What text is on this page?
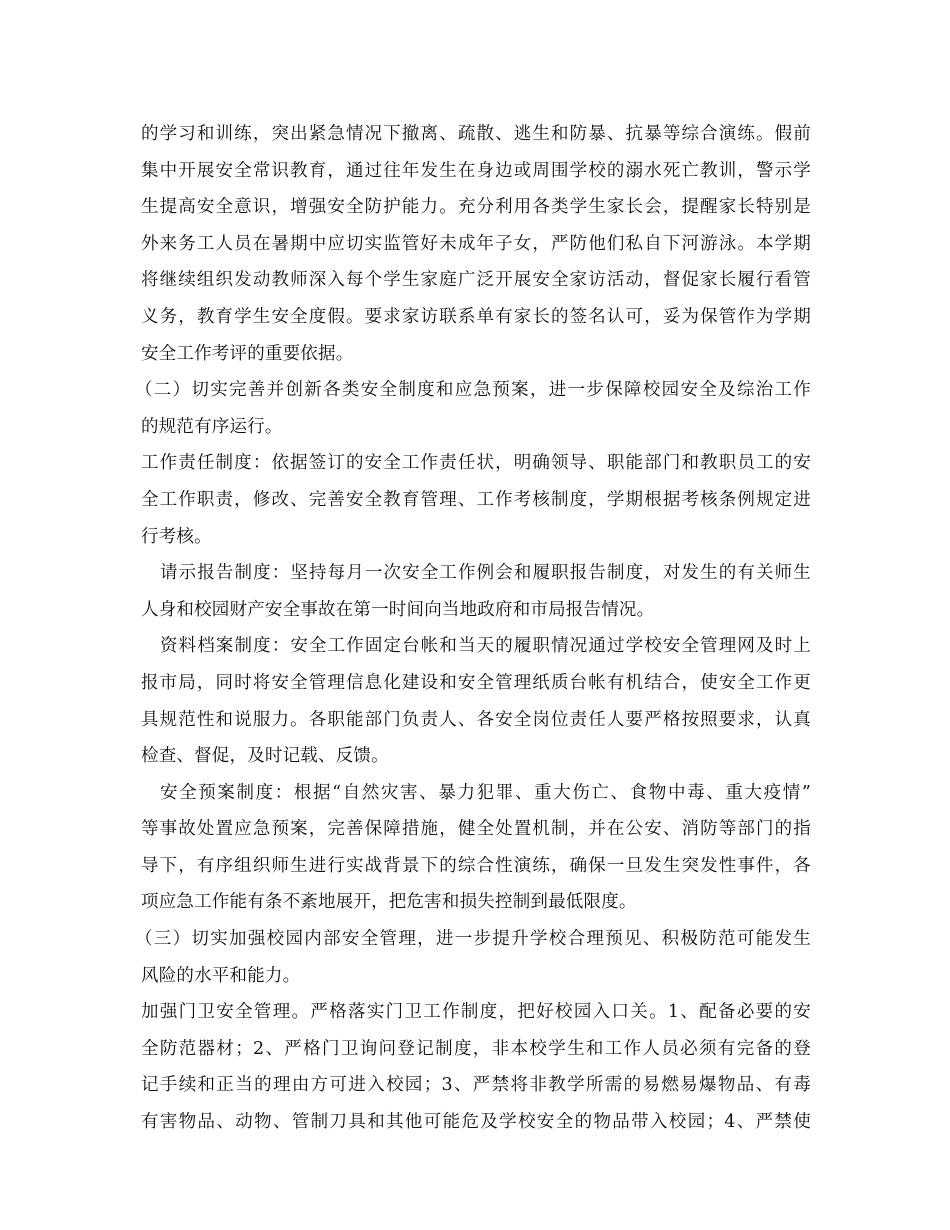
的学习和训练，突出紧急情况下撤离、疏散、逃生和防暴、抗暴等综合演练。假前
集中开展安全常识教育，通过往年发生在身边或周围学校的溺水死亡教训，警示学
生提高安全意识，增强安全防护能力。充分利用各类学生家长会，提醒家长特别是
外来务工人员在暑期中应切实监管好未成年子女，严防他们私自下河游泳。本学期
将继续组织发动教师深入每个学生家庭广泛开展安全家访活动，督促家长履行看管
义务，教育学生安全度假。要求家访联系单有家长的签名认可，妥为保管作为学期
安全工作考评的重要依据。
（二）切实完善并创新各类安全制度和应急预案，进一步保障校园安全及综治工作
的规范有序运行。
工作责任制度：依据签订的安全工作责任状，明确领导、职能部门和教职员工的安
全工作职责，修改、完善安全教育管理、工作考核制度，学期根据考核条例规定进
行考核。
请示报告制度：坚持每月一次安全工作例会和履职报告制度，对发生的有关师生
人身和校园财产安全事故在第一时间向当地政府和市局报告情况。
资料档案制度：安全工作固定台帐和当天的履职情况通过学校安全管理网及时上
报市局，同时将安全管理信息化建设和安全管理纸质台帐有机结合，使安全工作更
具规范性和说服力。各职能部门负责人、各安全岗位责任人要严格按照要求，认真
检查、督促，及时记载、反馈。
安全预案制度：根据“自然灾害、暴力犯罪、重大伤亡、食物中毒、重大疫情”
等事故处置应急预案，完善保障措施，健全处置机制，并在公安、消防等部门的指
导下，有序组织师生进行实战背景下的综合性演练，确保一旦发生突发性事件，各
项应急工作能有条不紊地展开，把危害和损失控制到最低限度。
（三）切实加强校园内部安全管理，进一步提升学校合理预见、积极防范可能发生
风险的水平和能力。
加强门卫安全管理。严格落实门卫工作制度，把好校园入口关。1、配备必要的安
全防范器材；2、严格门卫询问登记制度，非本校学生和工作人员必须有完备的登
记手续和正当的理由方可进入校园；3、严禁将非教学所需的易燃易爆物品、有毒
有害物品、动物、管制刀具和其他可能危及学校安全的物品带入校园；4、严禁使
